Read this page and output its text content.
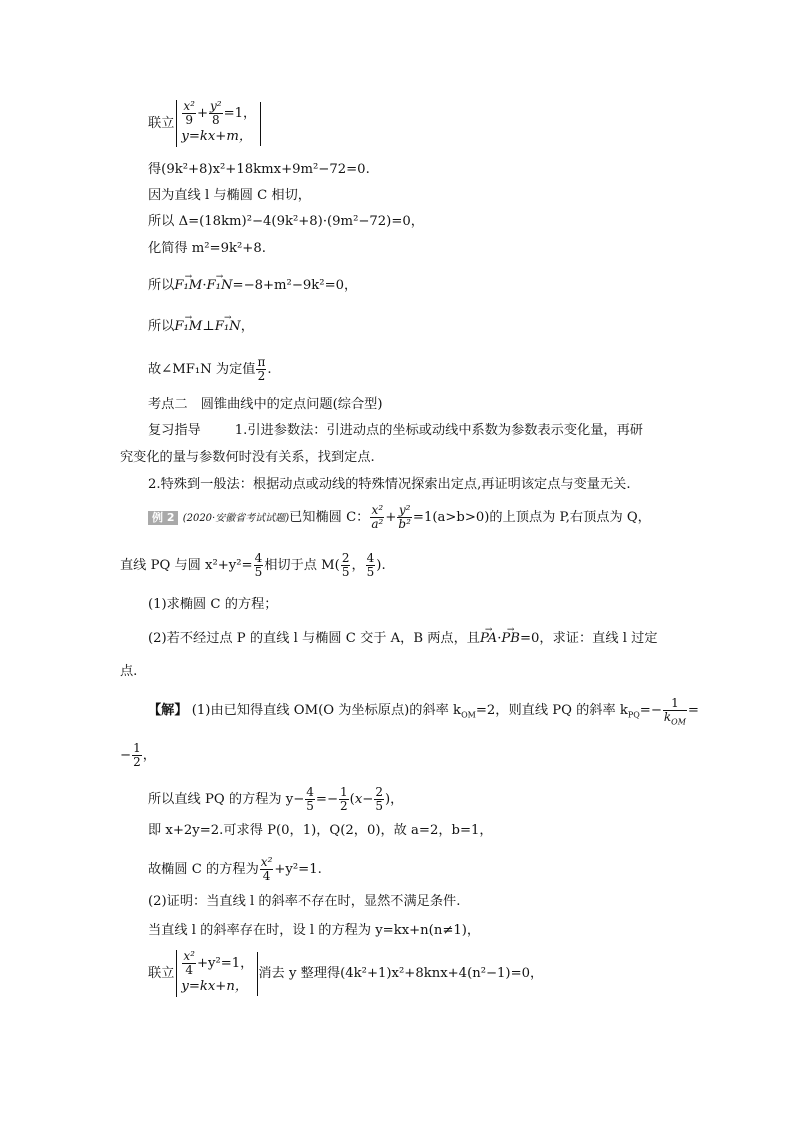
联立 $\frac{\text{x²}}{9} + \frac{\text{y²}}{8} =1$，
y=kx+m，
得(9k²+8)x²+18kmx+9m²−72=0.
因为直线 l 与椭圆 C 相切，
所以 Δ=(18km)²−4(9k²+8)·(9m²−72)=0，
化简得 m²=9k²+8.
所以→ F₁M·→ F₁N=−8+m²−9k²=0，
所以→ F₁M⊥→ F₁N，
故∠MF₁N 为定值 $\frac{\pi}{2}$ .
考点二　圆锥曲线中的定点问题(综合型)
复习指导	1.引进参数法：引进动点的坐标或动线中系数为参数表示变化量，再研
究变化的量与参数何时没有关系，找到定点.
2.特殊到一般法：根据动点或动线的特殊情况探索出定点,再证明该定点与变量无关.
例 2 (2020·安徽省考试试题)已知椭圆 C： $\frac{\text{x²}}{\text{a²}} + \frac{\text{y²}}{\text{b²}} =1(a>b>0)$的上顶点为 P,右顶点为 Q，
直线 PQ 与圆 $x^2+y^2= \frac{4}{5}$ 相切于点 $M( \frac{2}{5}$ ， $\frac{4}{5}$ ).
(1)求椭圆 C 的方程；
(2)若不经过点 P 的直线 l 与椭圆 C 交于 A，B 两点，且→ PA·→ PB=0，求证：直线 l 过定
点.
【解】 (1)由已知得直线 OM(O 为坐标原点)的斜率 $k_{OM}=2$，则直线 PQ 的斜率 $k_{PQ}=- \frac{1}{k_{OM}}$ =
− $\frac{1}{2}$ ，
所以直线 PQ 的方程为 $y- \frac{4}{5} =- \frac{1}{2} (x- \frac{2}{5}$ )，
即 x+2y=2.可求得 P(0，1)，Q(2，0)，故 a=2，b=1，
故椭圆 C 的方程为 $\frac{\text{x²}}{4} +y^2=1$.
(2)证明：当直线 l 的斜率不存在时，显然不满足条件.
当直线 l 的斜率存在时，设 l 的方程为 y=kx+n(n≠1)，
联立 $\frac{\text{x²}}{4} +y^2=1$，
y=kx+n，
消去 y 整理得(4k²+1)x²+8knx+4(n²−1)=0，
